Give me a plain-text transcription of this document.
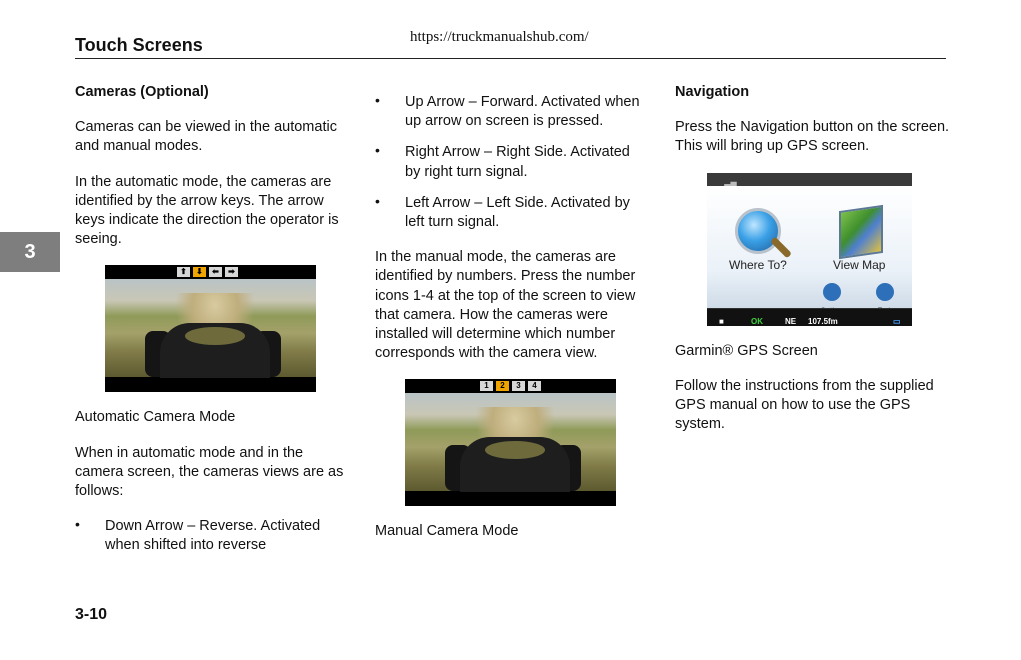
https://truckmanualshub.com/
Touch Screens
3
Cameras (Optional)

Cameras can be viewed in the automatic and manual modes.

In the automatic mode, the cameras are identified by the arrow keys. The arrow keys indicate the direction the operator is seeing.

⬆	⬇	⬅	➡

Automatic Camera Mode

When in automatic mode and in the camera screen, the cameras views are as follows:

• Down Arrow – Reverse. Activated when shifted into reverse
• Up Arrow – Forward. Activated when up arrow on screen is pressed.
• Right Arrow – Right Side. Activated by right turn signal.
• Left Arrow – Left Side. Activated by left turn signal.

In the manual mode, the cameras are identified by numbers. Press the number icons 1-4 at the top of the screen to view that camera. How the cameras were installed will determine which number corresponds with the camera view.

1	2	3	4

Manual Camera Mode

Navigation

Press the Navigation button on the screen. This will bring up GPS screen.

Where To?	View Map
■	OK	NE 107.5fm	▭

Garmin® GPS Screen

Follow the instructions from the supplied GPS manual on how to use the GPS system.

3-10
